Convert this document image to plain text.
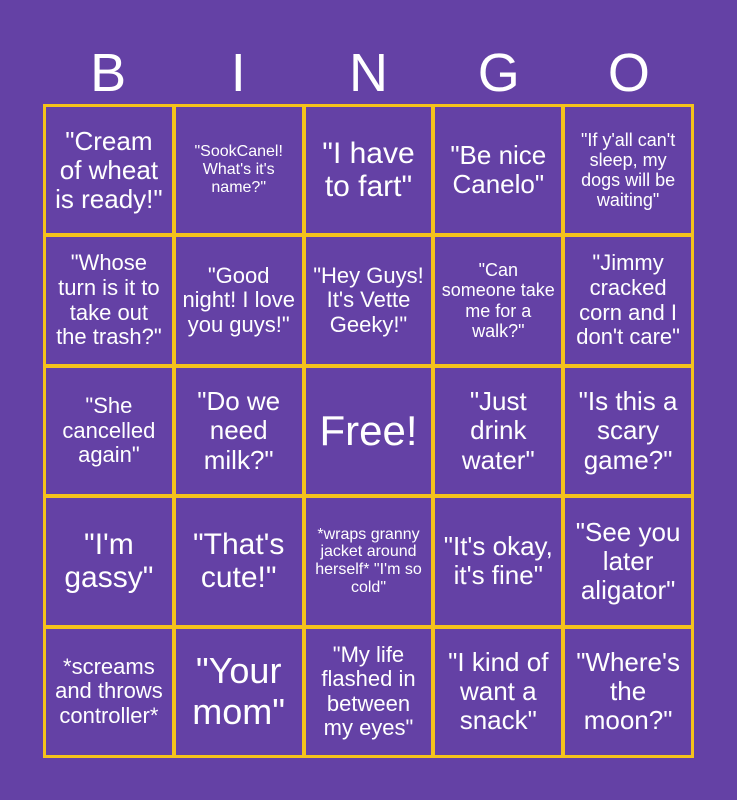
B	I	N	G	O
"Cream of wheat is ready!"
"SookCanel! What's it's name?"
"I have to fart"
"Be nice Canelo"
"If y'all can't sleep, my dogs will be waiting"
"Whose turn is it to take out the trash?"
"Good night! I love you guys!"
"Hey Guys! It's Vette Geeky!"
"Can someone take me for a walk?"
"Jimmy cracked corn and I don't care"
"She cancelled again"
"Do we need milk?"
Free!
"Just drink water"
"Is this a scary game?"
"I'm gassy"
"That's cute!"
*wraps granny jacket around herself* "I'm so cold"
"It's okay, it's fine"
"See you later aligator"
*screams and throws controller*
"Your mom"
"My life flashed in between my eyes"
"I kind of want a snack"
"Where's the moon?"
